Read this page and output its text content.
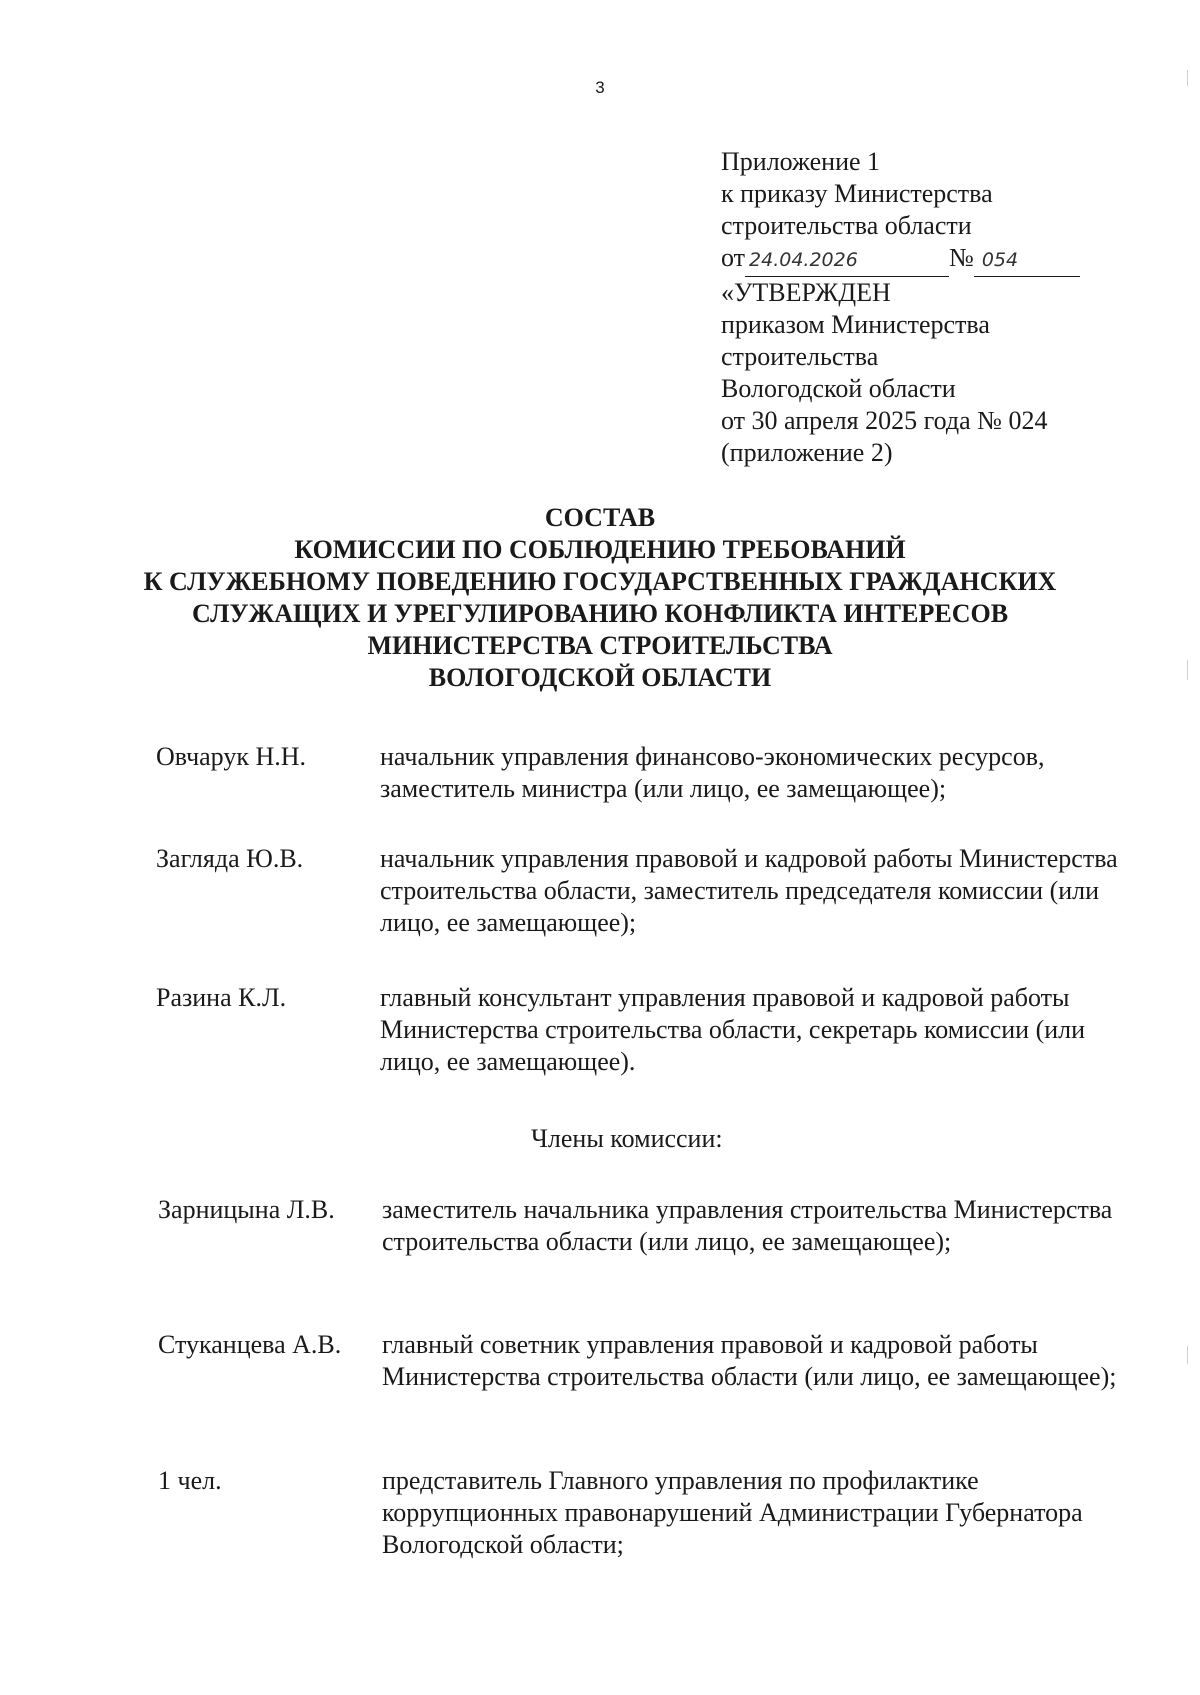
3
Приложение 1
к приказу Министерства
строительства области
от 24.04.2026	№ 054
«УТВЕРЖДЕН
приказом Министерства
строительства
Вологодской области
от 30 апреля 2025 года № 024
(приложение 2)
СОСТАВ
КОМИССИИ ПО СОБЛЮДЕНИЮ ТРЕБОВАНИЙ
К СЛУЖЕБНОМУ ПОВЕДЕНИЮ ГОСУДАРСТВЕННЫХ ГРАЖДАНСКИХ
СЛУЖАЩИХ И УРЕГУЛИРОВАНИЮ КОНФЛИКТА ИНТЕРЕСОВ
МИНИСТЕРСТВА СТРОИТЕЛЬСТВА
ВОЛОГОДСКОЙ ОБЛАСТИ
Овчарук Н.Н.	начальник управления финансово-экономических ресурсов, заместитель министра (или лицо, ее замещающее);
Загляда Ю.В.	начальник управления правовой и кадровой работы Министерства строительства области, заместитель председателя комиссии (или лицо, ее замещающее);
Разина К.Л.	главный консультант управления правовой и кадровой работы Министерства строительства области, секретарь комиссии (или лицо, ее замещающее).
Члены комиссии:
Зарницына Л.В. заместитель начальника управления строительства Министерства строительства области (или лицо, ее замещающее);
Стуканцева А.В. главный советник управления правовой и кадровой работы Министерства строительства области (или лицо, ее замещающее);
1 чел.	представитель Главного управления по профилактике коррупционных правонарушений Администрации Губернатора Вологодской области;
